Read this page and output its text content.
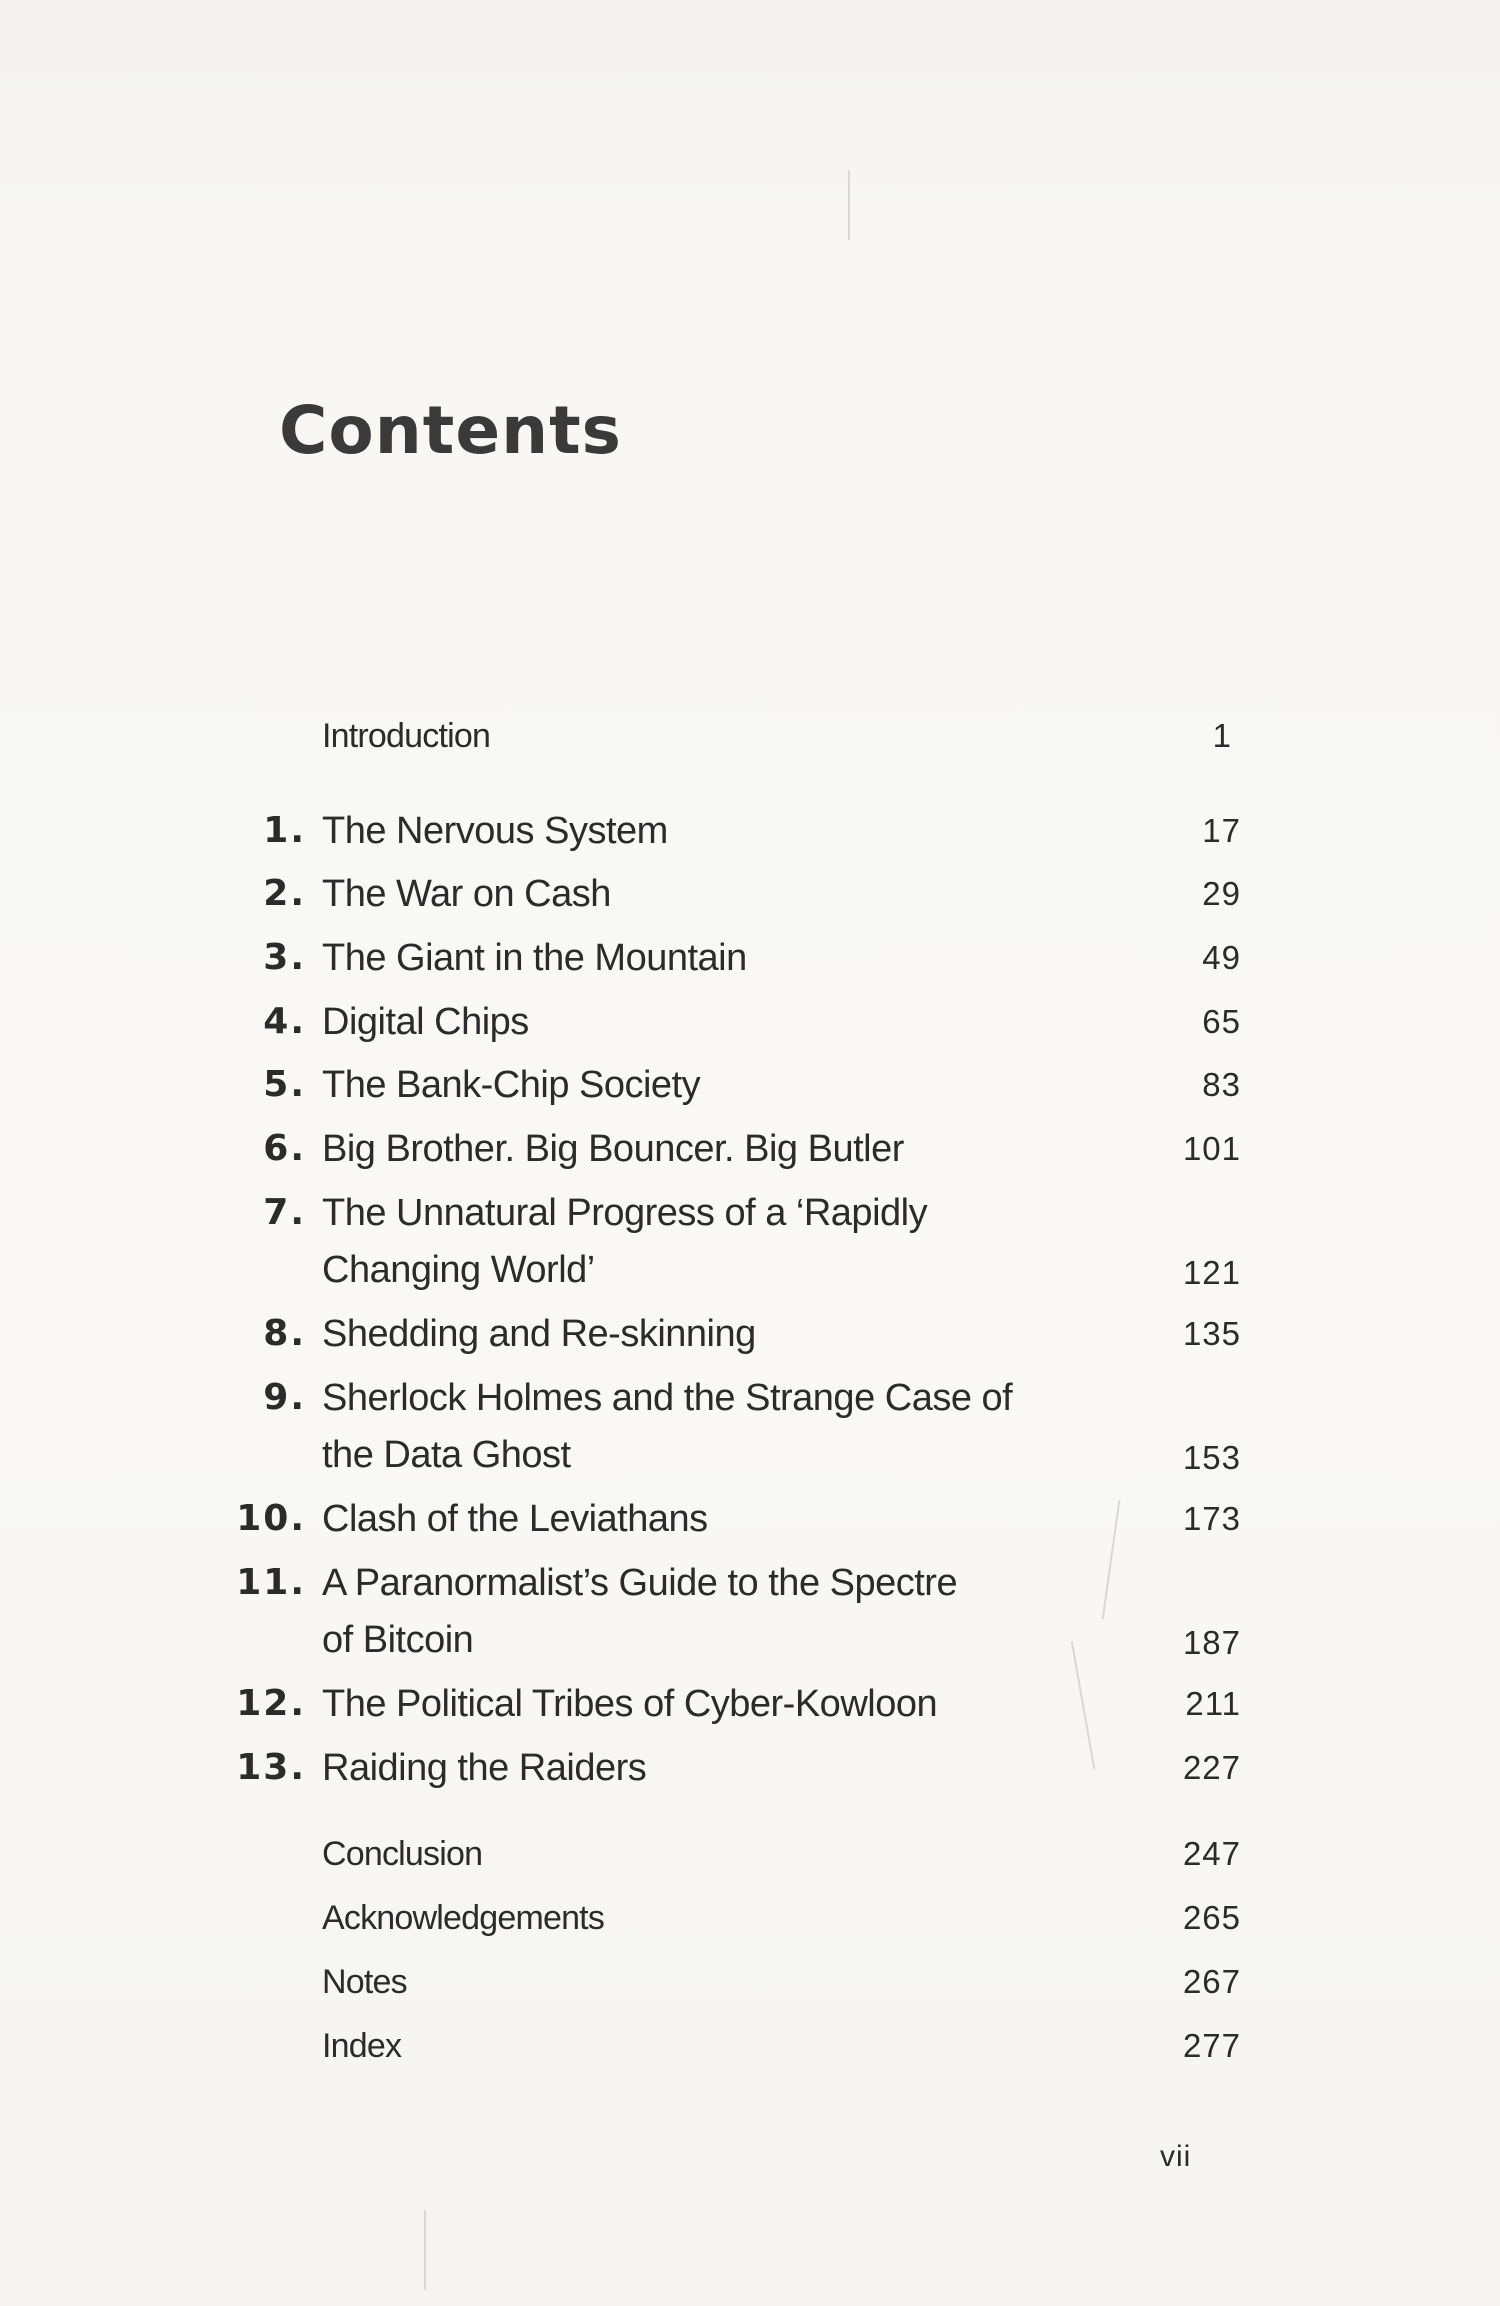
Contents
Introduction	1
1. The Nervous System	17
2. The War on Cash	29
3. The Giant in the Mountain	49
4. Digital Chips	65
5. The Bank-Chip Society	83
6. Big Brother. Big Bouncer. Big Butler	101
7. The Unnatural Progress of a ‘Rapidly
Changing World’	121
8. Shedding and Re-skinning	135
9. Sherlock Holmes and the Strange Case of
the Data Ghost	153
10. Clash of the Leviathans	173
11. A Paranormalist’s Guide to the Spectre
of Bitcoin	187
12. The Political Tribes of Cyber-Kowloon	211
13. Raiding the Raiders	227
Conclusion	247
Acknowledgements	265
Notes	267
Index	277
vii
